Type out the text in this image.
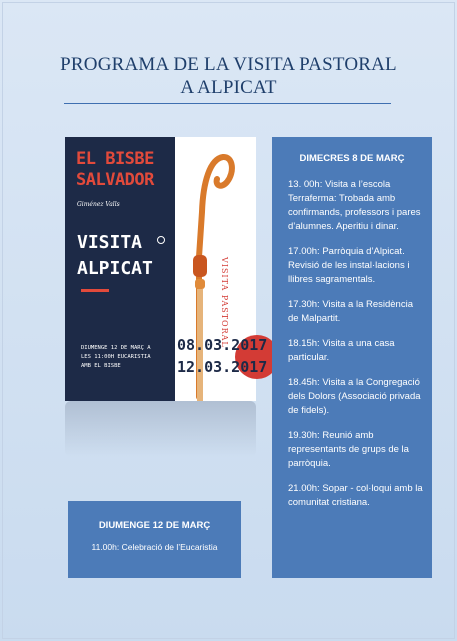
PROGRAMA DE LA VISITA PASTORAL
A ALPICAT
EL BISBE SALVADOR
Giménez Valls
VISITA ALPICAT
DIUMENGE 12 DE MARÇ A LES 11:00H EUCARISTIA AMB EL BISBE
08.03.2017
12.03.2017
VISITA PASTORAL
DIMECRES 8 DE MARÇ

13. 00h: Visita a l’escola Terraferma: Trobada amb confirmands, professors i pares d’alumnes. Aperitiu i dinar.

17.00h: Parròquia d’Alpicat. Revisió de les instal·lacions i llibres sagramentals.

17.30h: Visita a la Residència de Malpartit.

18.15h: Visita a una casa particular.

18.45h: Visita a la Congregació dels Dolors (Associació privada de fidels).

19.30h: Reunió amb representants de grups de la parròquia.

21.00h: Sopar - col·loqui amb la comunitat cristiana.

DIUMENGE 12 DE MARÇ
11.00h: Celebració de l’Eucaristia
